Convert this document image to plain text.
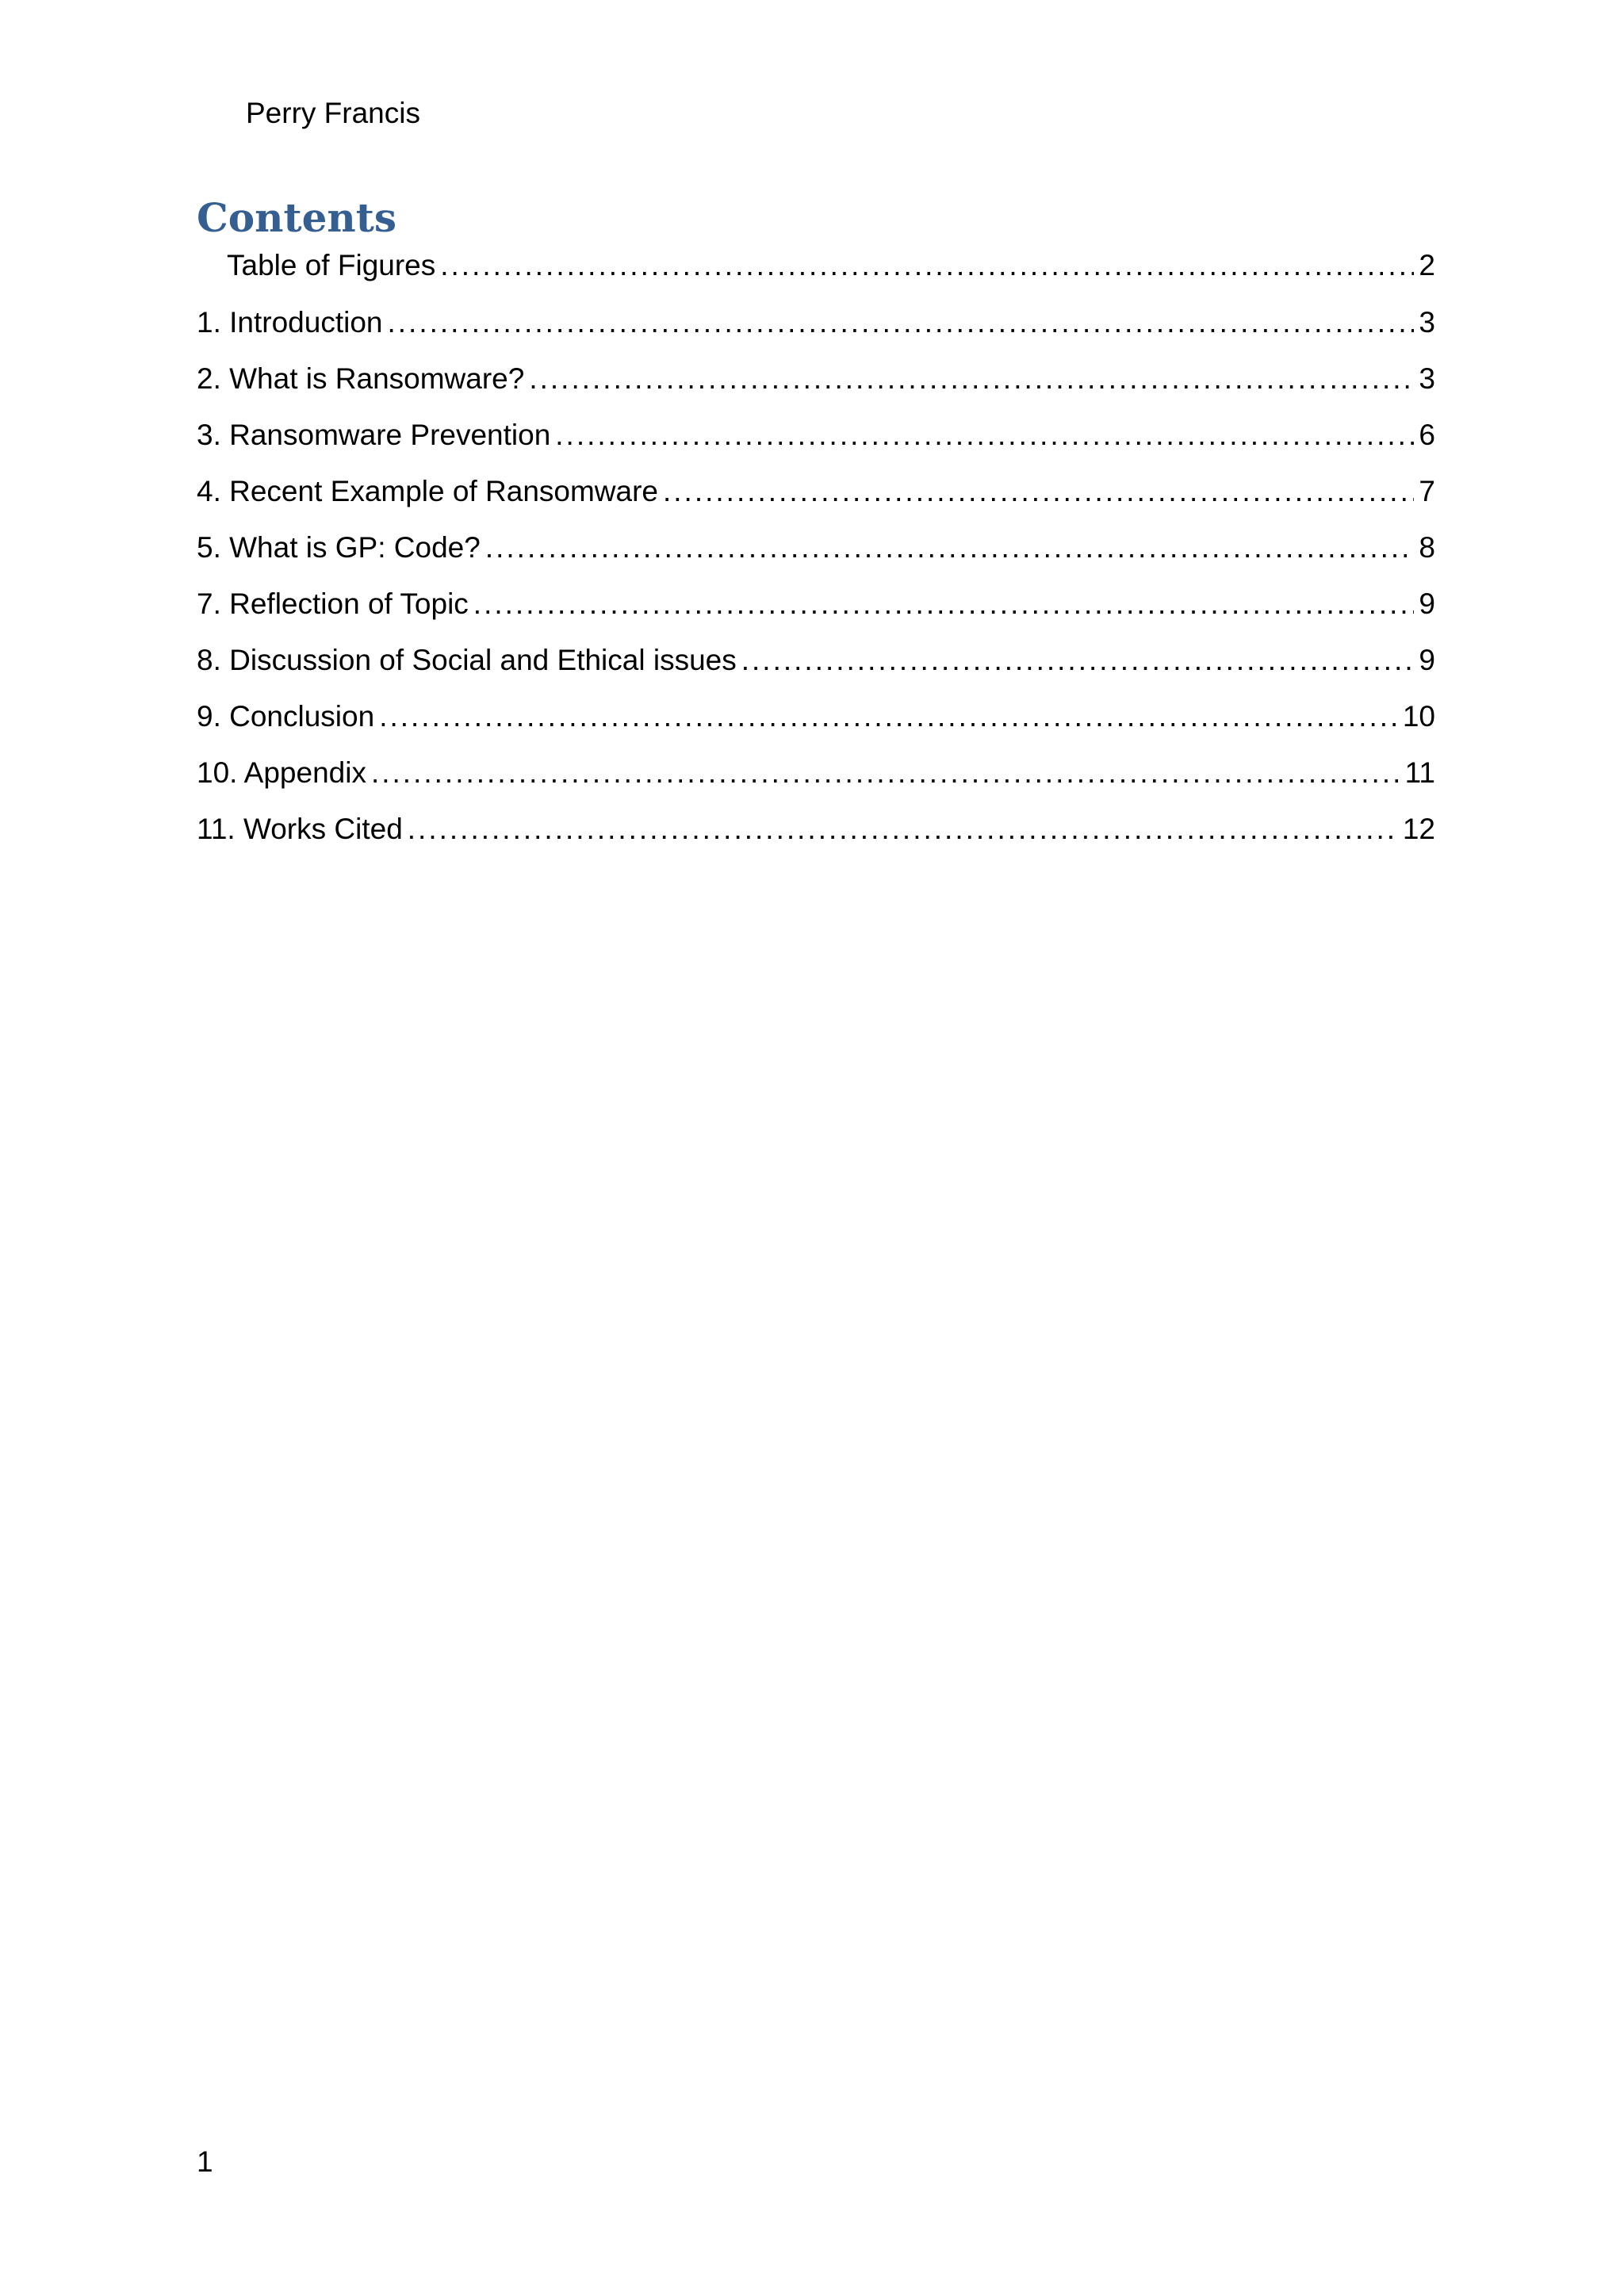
Perry Francis
Contents
Table of Figures .....	2
1. Introduction .....	3
2. What is Ransomware? .....	3
3. Ransomware Prevention .....	6
4. Recent Example of Ransomware .....	7
5. What is GP: Code? .....	8
7. Reflection of Topic .....	9
8. Discussion of Social and Ethical issues .....	9
9. Conclusion .....	10
10. Appendix .....	11
11. Works Cited .....	12
1
